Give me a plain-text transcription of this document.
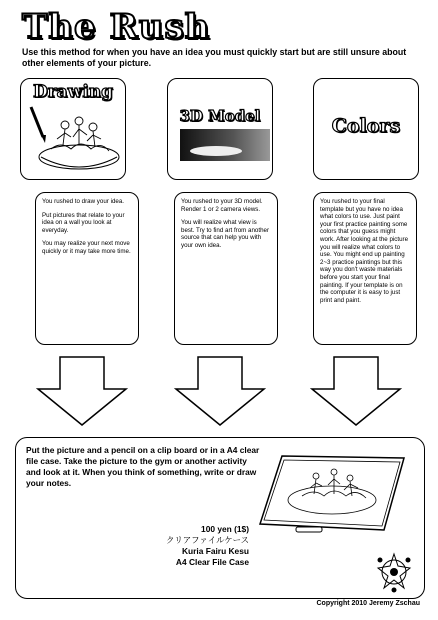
The Rush
Use this method for when you have an idea you must quickly start but are still unsure about other elements of your picture.
Drawing
3D Model	Colors

You rushed to draw your idea.

Put pictures that relate to your idea on a wall you look at everyday.

You may realize your next move quickly or it may take more time.

You rushed to your 3D model. Render 1 or 2 camera views.

You will realize what view is best. Try to find art from another source that can help you with your own idea.

You rushed to your final template but you have no idea what colors to use. Just paint your first practice painting some colors that you guess might work. After looking at the picture you will realize what colors to use. You might end up painting 2~3 practice paintings but this way you don't waste materials before you start your final painting. If your template is on the computer it is easy to just print and paint.

Put the picture and a pencil on a clip board or in a A4 clear file case. Take the picture to the gym or another activity and look at it. When you think of something, write or draw your notes.
100 yen (1$)
クリアファイルケース
Kuria Fairu Kesu
A4 Clear File Case
Copyright 2010 Jeremy Zschau
